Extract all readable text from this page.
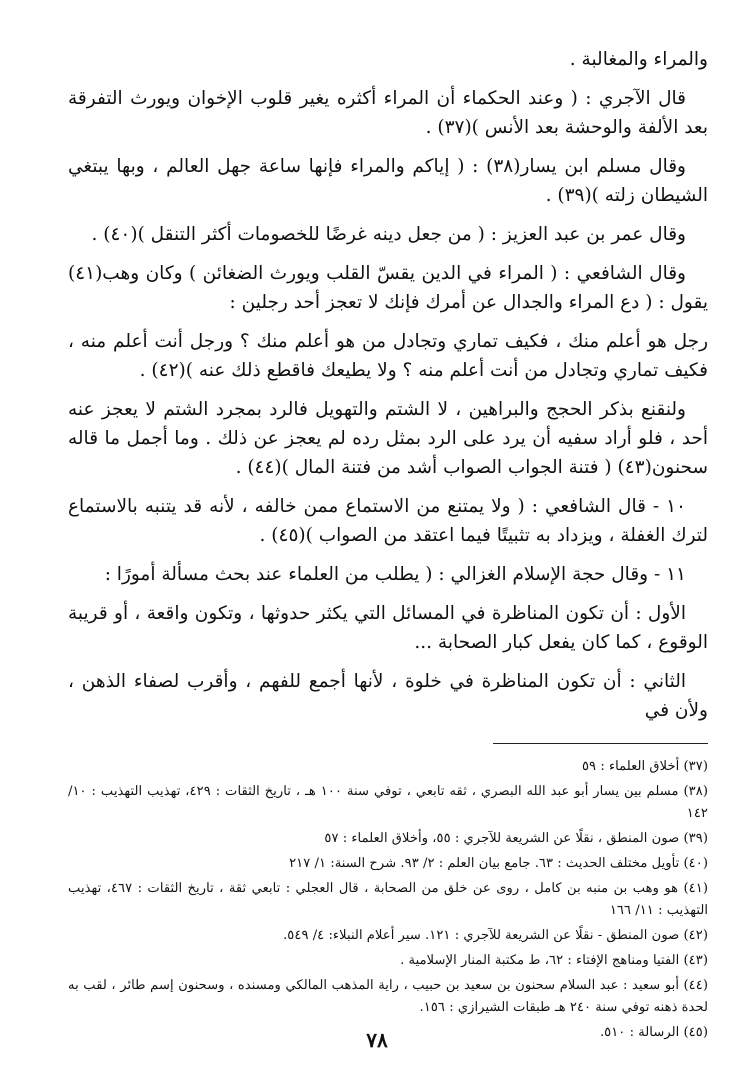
والمراء والمغالبة .

قال الآجري : ( وعند الحكماء أن المراء أكثره يغير قلوب الإخوان ويورث التفرقة بعد الألفة والوحشة بعد الأنس )(٣٧) .

وقال مسلم ابن يسار(٣٨) : ( إياكم والمراء فإنها ساعة جهل العالم ، وبها يبتغي الشيطان زلته )(٣٩) .

وقال عمر بن عبد العزيز : ( من جعل دينه غرضًا للخصومات أكثر التنقل )(٤٠) .

وقال الشافعي : ( المراء في الدين يقسّ القلب ويورث الضغائن ) وكان وهب(٤١) يقول : ( دع المراء والجدال عن أمرك فإنك لا تعجز أحد رجلين :

رجل هو أعلم منك ، فكيف تماري وتجادل من هو أعلم منك ؟ ورجل أنت أعلم منه ، فكيف تماري وتجادل من أنت أعلم منه ؟ ولا يطيعك فاقطع ذلك عنه )(٤٢) .

ولنقنع بذكر الحجج والبراهين ، لا الشتم والتهويل فالرد بمجرد الشتم لا يعجز عنه أحد ، فلو أراد سفيه أن يرد على الرد بمثل رده لم يعجز عن ذلك . وما أجمل ما قاله سحنون(٤٣) ( فتنة الجواب الصواب أشد من فتنة المال )(٤٤) .

١٠ - قال الشافعي : ( ولا يمتنع من الاستماع ممن خالفه ، لأنه قد يتنبه بالاستماع لترك الغفلة ، ويزداد به تثبيتًا فيما اعتقد من الصواب )(٤٥) .

١١ - وقال حجة الإسلام الغزالي : ( يطلب من العلماء عند بحث مسألة أمورًا :

الأول : أن تكون المناظرة في المسائل التي يكثر حدوثها ، وتكون واقعة ، أو قريبة الوقوع ، كما كان يفعل كبار الصحابة ...

الثاني : أن تكون المناظرة في خلوة ، لأنها أجمع للفهم ، وأقرب لصفاء الذهن ، ولأن في

(٣٧) أخلاق العلماء : ٥٩

(٣٨) مسلم بين يسار أبو عبد الله البصري ، ثقه تابعي ، توفي سنة ١٠٠ هـ ، تاريخ الثقات : ٤٢٩، تهذيب التهذيب : ١٠/ ١٤٢

(٣٩) صون المنطق ، نقلًا عن الشريعة للآجري : ٥٥، وأخلاق العلماء : ٥٧

(٤٠) تأويل مختلف الحديث : ٦٣. جامع بيان العلم : ٢/ ٩٣. شرح السنة: ١/ ٢١٧

(٤١) هو وهب بن منبه بن كامل ، روى عن خلق من الصحابة ، قال العجلي : تابعي ثقة ، تاريخ الثقات : ٤٦٧، تهذيب التهذيب : ١١/ ١٦٦

(٤٢) صون المنطق - نقلًا عن الشريعة للآجري : ١٢١. سير أعلام النبلاء: ٤/ ٥٤٩.

(٤٣) الفتيا ومناهج الإفتاء : ٦٢، ط مكتبة المنار الإسلامية .

(٤٤) أبو سعيد : عبد السلام سحنون بن سعيد بن حبيب ، راية المذهب المالكي ومسنده ، وسحنون إسم طائر ، لقب به لحدة ذهنه توفي سنة ٢٤٠ هـ طبقات الشيرازي : ١٥٦.

(٤٥) الرسالة : ٥١٠.

٧٨
